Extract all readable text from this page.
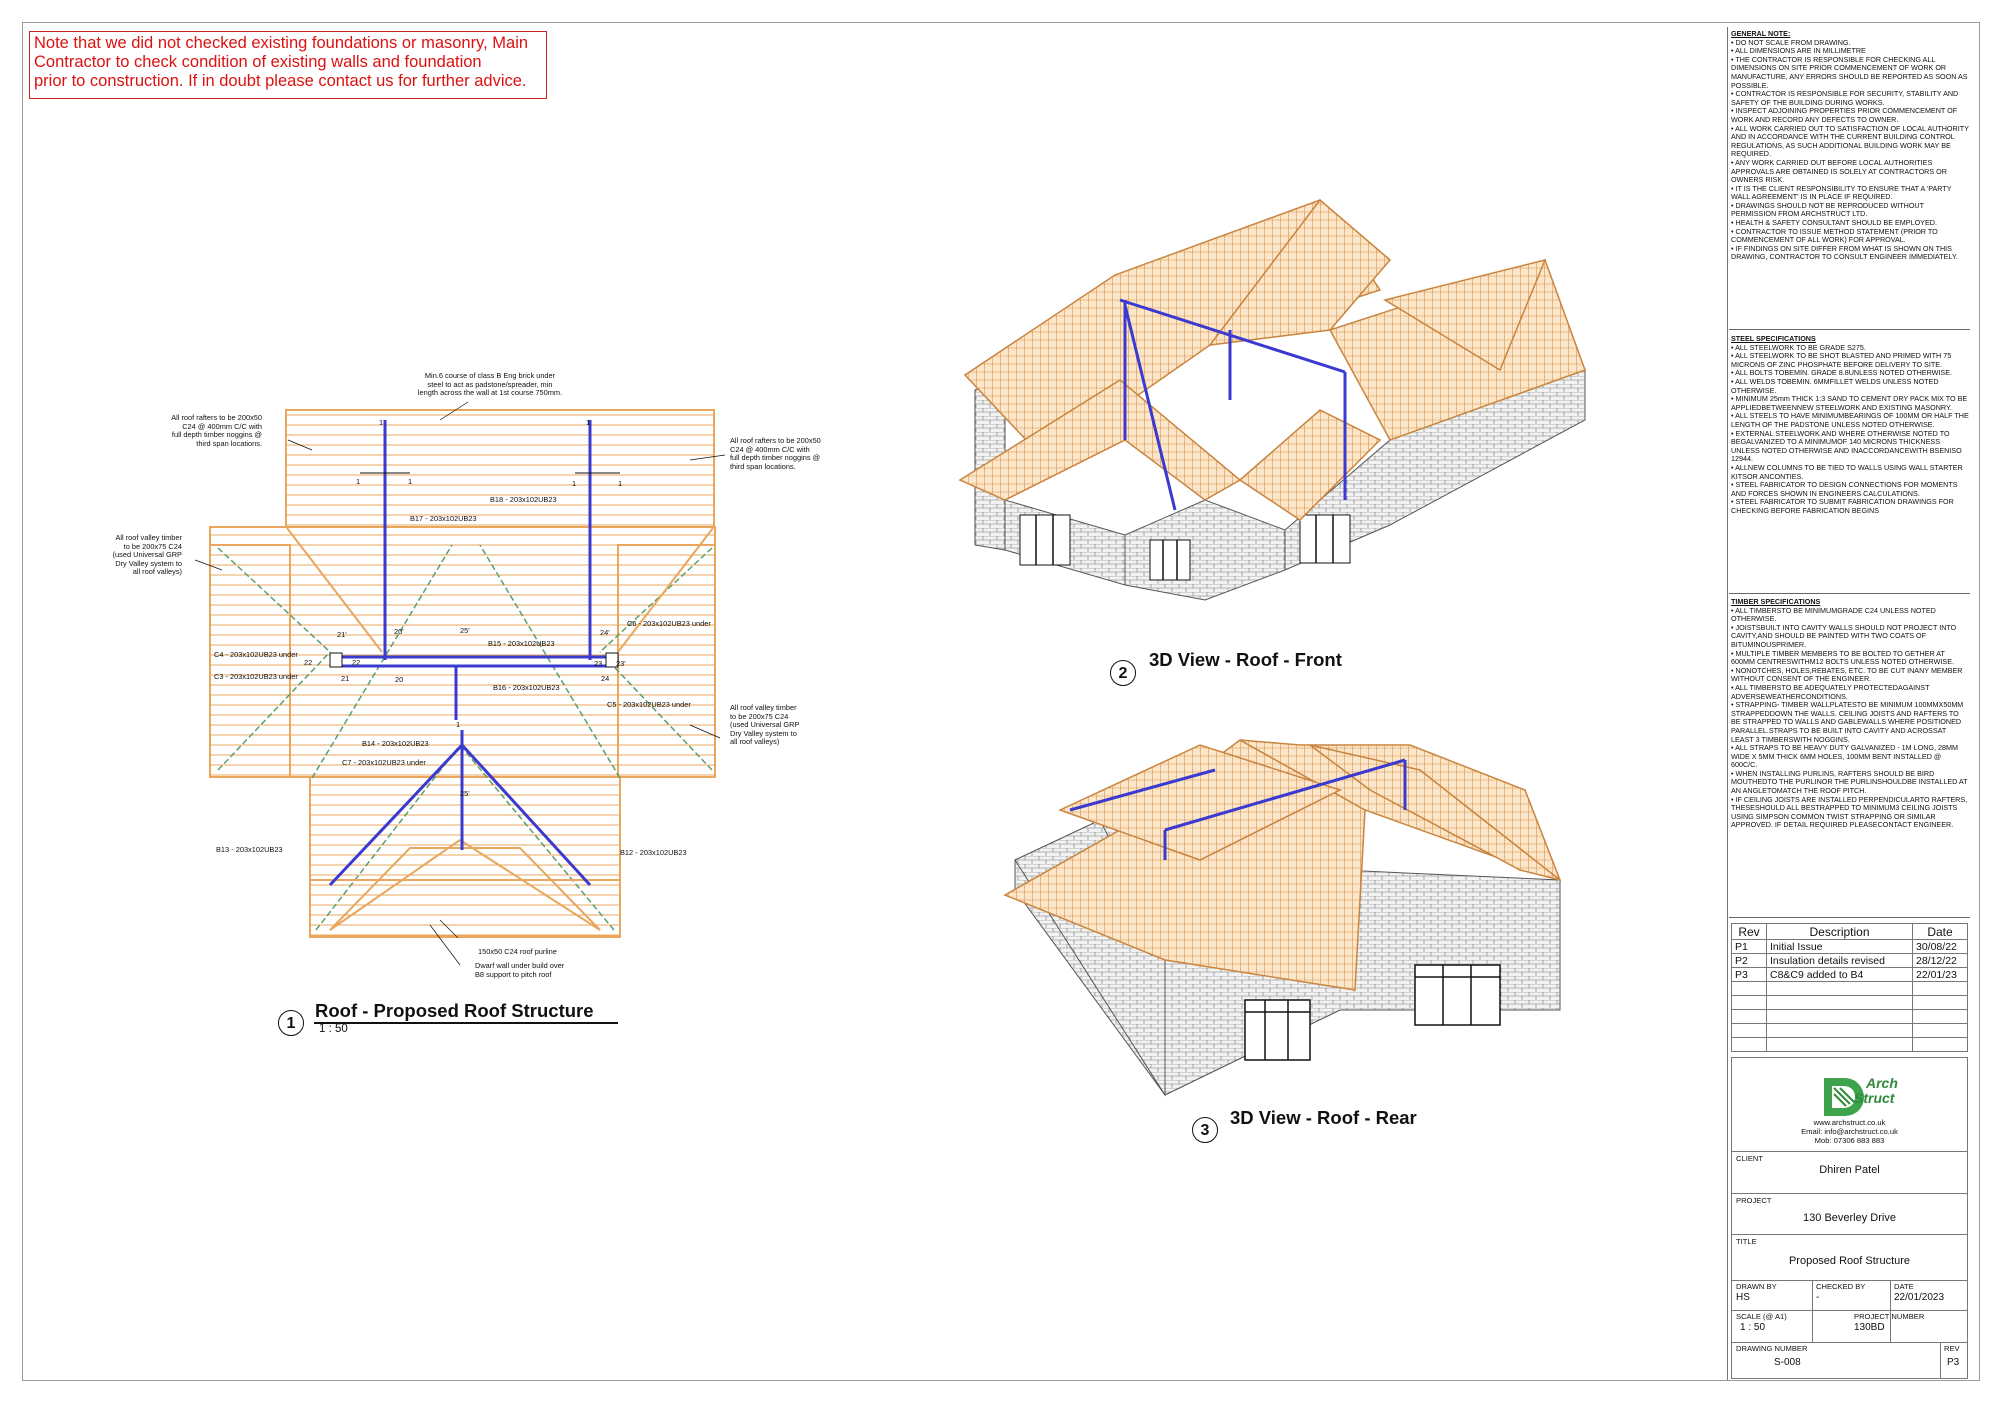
Note that we did not checked existing foundations or masonry, Main

Contractor to check condition of existing walls and foundation

prior to construction. If in doubt please contact us for further advice.

All roof rafters to be 200x50
C24 @ 400mm C/C with
full depth timber noggins @
third span locations.
Min.6 course of class B Eng brick under
steel to act as padstone/spreader, min
length across the wall at 1st course 750mm.
All roof rafters to be 200x50
C24 @ 400mm C/C with
full depth timber noggins @
third span locations.
All roof valley timber
to be 200x75 C24
(used Universal GRP
Dry Valley system to
all roof valleys)
All roof valley timber
to be 200x75 C24
(used Universal GRP
Dry Valley system to
all roof valleys)
B18 - 203x102UB23
B17 - 203x102UB23
C6 - 203x102UB23 under
B15 - 203x102UB23
C4 - 203x102UB23 under
C3 - 203x102UB23 under
B16 - 203x102UB23
C5 - 203x102UB23 under
B14 - 203x102UB23
C7 - 203x102UB23 under
B13 - 203x102UB23	B12 - 203x102UB23
150x50 C24 roof purline
Dwarf wall under build over
B8 support to pitch roof
21'	20'	25'	24'
22	22	23 23'
21	20	24
25'
1	1	1	1
1	1
1
1
Roof - Proposed Roof Structure
1 : 50
2
3D View - Roof - Front
3
3D View - Roof - Rear
GENERAL NOTE:
• DO NOT SCALE FROM DRAWING.
• ALL DIMENSIONS ARE IN MILLIMETRE
• THE CONTRACTOR IS RESPONSIBLE FOR CHECKING ALL DIMENSIONS ON SITE PRIOR COMMENCEMENT OF WORK OR MANUFACTURE, ANY ERRORS SHOULD BE REPORTED AS SOON AS POSSIBLE.
• CONTRACTOR IS RESPONSIBLE FOR SECURITY, STABILITY AND SAFETY OF THE BUILDING DURING WORKS.
• INSPECT ADJOINING PROPERTIES PRIOR COMMENCEMENT OF WORK AND RECORD ANY DEFECTS TO OWNER.
• ALL WORK CARRIED OUT TO SATISFACTION OF LOCAL AUTHORITY AND IN ACCORDANCE WITH THE CURRENT BUILDING CONTROL REGULATIONS, AS SUCH ADDITIONAL BUILDING WORK MAY BE REQUIRED.
• ANY WORK CARRIED OUT BEFORE LOCAL AUTHORITIES APPROVALS ARE OBTAINED IS SOLELY AT CONTRACTORS OR OWNERS RISK.
• IT IS THE CLIENT RESPONSIBILITY TO ENSURE THAT A 'PARTY WALL AGREEMENT' IS IN PLACE IF REQUIRED.
• DRAWINGS SHOULD NOT BE REPRODUCED WITHOUT PERMISSION FROM ARCHSTRUCT LTD.
• HEALTH & SAFETY CONSULTANT SHOULD BE EMPLOYED.
• CONTRACTOR TO ISSUE METHOD STATEMENT (PRIOR TO COMMENCEMENT OF ALL WORK) FOR APPROVAL.
• IF FINDINGS ON SITE DIFFER FROM WHAT IS SHOWN ON THIS DRAWING, CONTRACTOR TO CONSULT ENGINEER IMMEDIATELY.
STEEL SPECIFICATIONS
• ALL STEELWORK TO BE GRADE S275.
• ALL STEELWORK TO BE SHOT BLASTED AND PRIMED WITH 75 MICRONS OF ZINC PHOSPHATE BEFORE DELIVERY TO SITE.
• ALL BOLTS TOBEMIN. GRADE 8.8UNLESS NOTED OTHERWISE.
• ALL WELDS TOBEMIN. 6MMFILLET WELDS UNLESS NOTED OTHERWISE.
• MINIMUM 25mm THICK 1:3 SAND TO CEMENT DRY PACK MIX TO BE APPLIEDBETWEENNEW STEELWORK AND EXISTING MASONRY.
• ALL STEELS TO HAVE MINIMUMBEARINGS OF 100MM OR HALF THE LENGTH OF THE PADSTONE UNLESS NOTED OTHERWISE.
• EXTERNAL STEELWORK AND WHERE OTHERWISE NOTED TO BEGALVANIZED TO A MINIMUMOF 140 MICRONS THICKNESS UNLESS NOTED OTHERWISE AND INACCORDANCEWITH BSENISO 12944.
• ALLNEW COLUMNS TO BE TIED TO WALLS USING WALL STARTER KITSOR ANCONTIES.
• STEEL FABRICATOR TO DESIGN CONNECTIONS FOR MOMENTS AND FORCES SHOWN IN ENGINEERS CALCULATIONS.
• STEEL FABRICATOR TO SUBMIT FABRICATION DRAWINGS FOR CHECKING BEFORE FABRICATION BEGINS
TIMBER SPECIFICATIONS
• ALL TIMBERSTO BE MINIMUMGRADE C24 UNLESS NOTED OTHERWISE.
• JOISTSBUILT INTO CAVITY WALLS SHOULD NOT PROJECT INTO CAVITY,AND SHOULD BE PAINTED WITH TWO COATS OF BITUMINOUSPRIMER.
• MULTIPLE TIMBER MEMBERS TO BE BOLTED TO GETHER AT 600MM CENTRESWITHM12 BOLTS UNLESS NOTED OTHERWISE.
• NONOTCHES, HOLES,REBATES, ETC. TO BE CUT INANY MEMBER WITHOUT CONSENT OF THE ENGINEER.
• ALL TIMBERSTO BE ADEQUATELY PROTECTEDAGAINST ADVERSEWEATHERCONDITIONS.
• STRAPPING- TIMBER WALLPLATESTO BE MINIMUM 100MMX50MM STRAPPEDDOWN THE WALLS. CEILING JOISTS AND RAFTERS TO BE STRAPPED TO WALLS AND GABLEWALLS WHERE POSITIONED PARALLEL.STRAPS TO BE BUILT INTO CAVITY AND ACROSSAT LEAST 3 TIMBERSWITH NOGGINS.
• ALL STRAPS TO BE HEAVY DUTY GALVANIZED - 1M LONG, 28MM WIDE X 5MM THICK 6MM HOLES, 100MM BENT INSTALLED @ 600C/C.
• WHEN INSTALLING PURLINS, RAFTERS SHOULD BE BIRD MOUTHEDTO THE PURLINOR THE PURLINSHOULDBE INSTALLED AT AN ANGLETOMATCH THE ROOF PITCH.
• IF CEILING JOISTS ARE INSTALLED PERPENDICULARTO RAFTERS, THESESHOULD ALL BESTRAPPED TO MINIMUM3 CEILING JOISTS USING SIMPSON COMMON TWIST STRAPPING OR SIMILAR APPROVED. IF DETAIL REQUIRED PLEASECONTACT ENGINEER.
Rev	Description	Date
P1	Initial Issue	30/08/22
P2	Insulation details revised	28/12/22
P3	C8&C9 added to B4	22/01/23

Arch
Struct
www.archstruct.co.uk
Email: info@archstruct.co.uk
Mob: 07306 883 883
CLIENT
Dhiren Patel
PROJECT
130 Beverley Drive
TITLE
Proposed Roof Structure
DRAWN BY
HS
CHECKED BY
-
DATE
22/01/2023
SCALE (@ A1)
1 : 50
PROJECT NUMBER
130BD
DRAWING NUMBER
S-008
REV
P3
